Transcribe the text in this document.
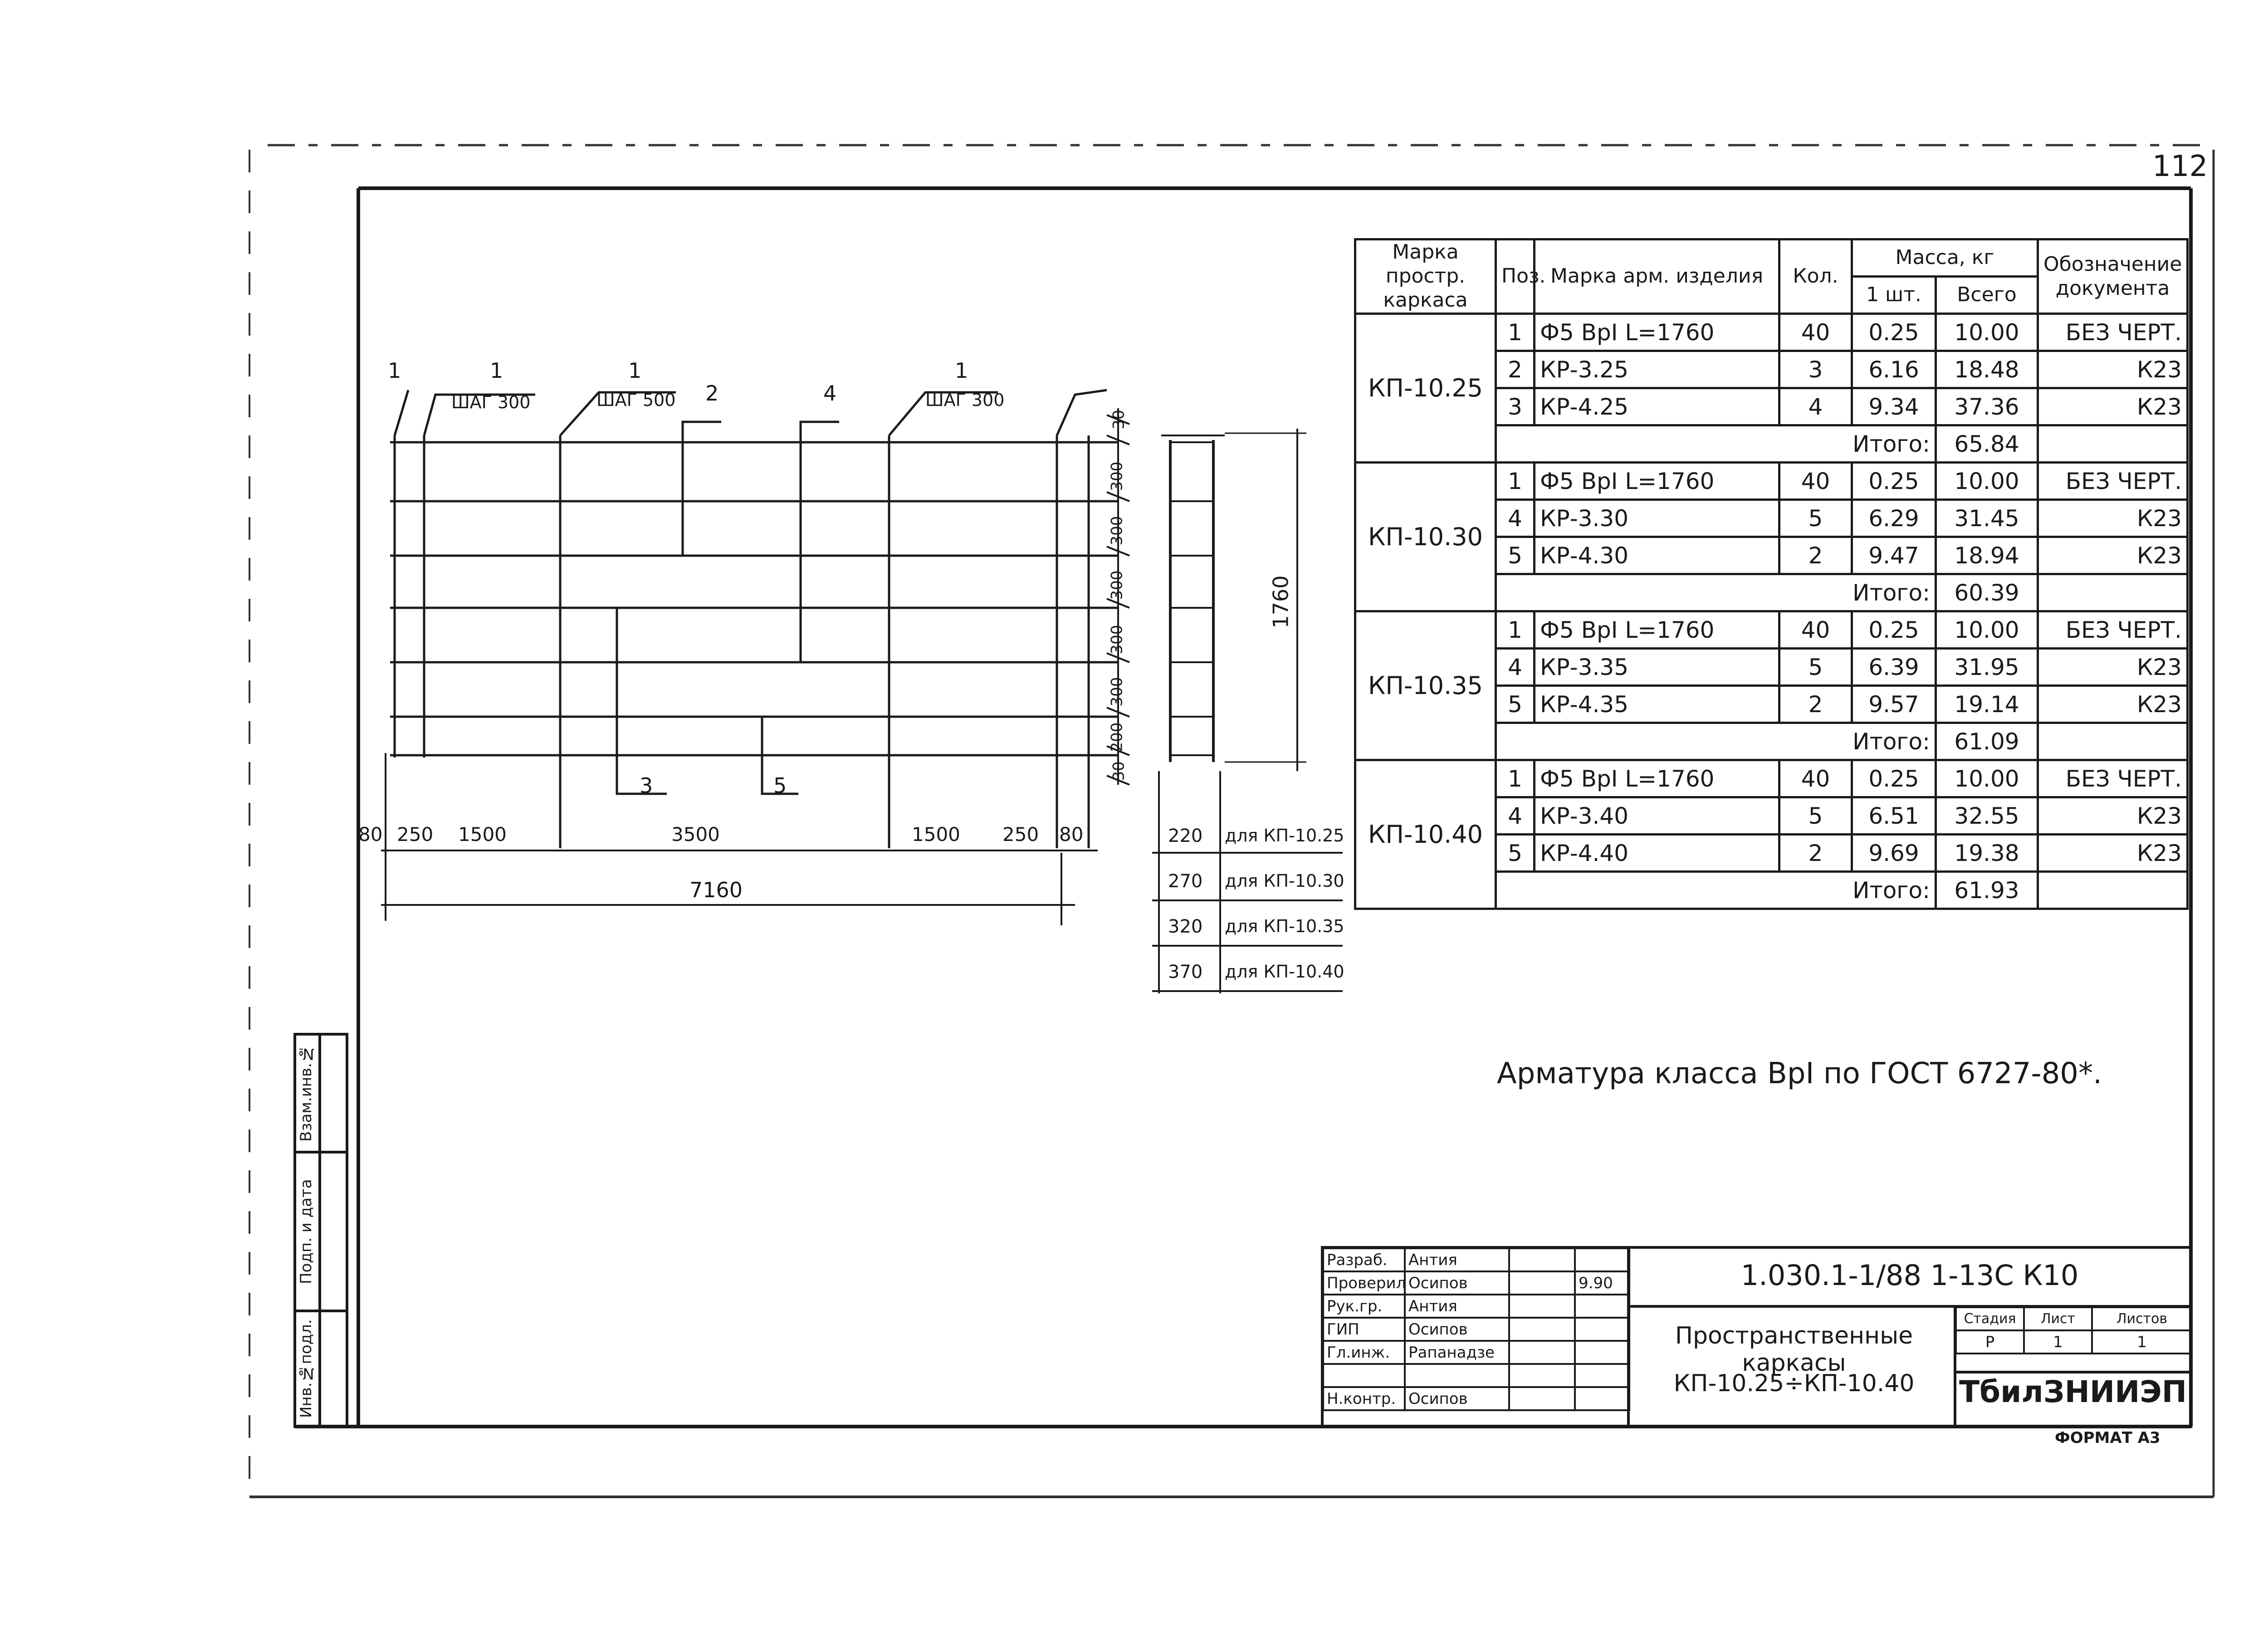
112
1	1	1
2	4
1
ШАГ 300	ШАГ 500	ШАГ 300
3	5
30
300
300
300
300
300
200
30
80 250 1500	3500	1500 250 80
7160
1760
220 для КП-10.25
270 для КП-10.30
320 для КП-10.35
370 для КП-10.40
Марка простр. каркаса	Поз.	Марка арм. изделия	Кол.	Масса, кг		Обозначение документа
				1 шт.	Всего	
КП-10.25	1	Ф5 ВрI L=1760	40	0.25	10.00	БЕЗ ЧЕРТ.
	2	КР-3.25	3	6.16	18.48	К23
	3	КР-4.25	4	9.34	37.36	К23
	Итого:				65.84	
КП-10.30	1	Ф5 ВрI L=1760	40	0.25	10.00	БЕЗ ЧЕРТ.
	4	КР-3.30	5	6.29	31.45	К23
	5	КР-4.30	2	9.47	18.94	К23
	Итого:				60.39	
КП-10.35	1	Ф5 ВрI L=1760	40	0.25	10.00	БЕЗ ЧЕРТ.
	4	КР-3.35	5	6.39	31.95	К23
	5	КР-4.35	2	9.57	19.14	К23
	Итого:				61.09	
КП-10.40	1	Ф5 ВрI L=1760	40	0.25	10.00	БЕЗ ЧЕРТ.
	4	КР-3.40	5	6.51	32.55	К23
	5	КР-4.40	2	9.69	19.38	К23
	Итого:				61.93	
Арматура класса ВрI по ГОСТ 6727-80*.
Инв.№подл.
Подп. и дата
Взам.инв.№
Разраб.	Антия		
Проверил	Осипов		9.90
Рук.гр.	Антия		
ГИП	Осипов		
Гл.инж.	Рапанадзе		

Н.контр.	Осипов		
1.030.1-1/88 1-13С К10
Пространственные каркасы
КП-10.25÷КП-10.40
Стадия	Лист	Листов
Р	1	1
ТбилЗНИИЭП
ФОРМАТ А3
